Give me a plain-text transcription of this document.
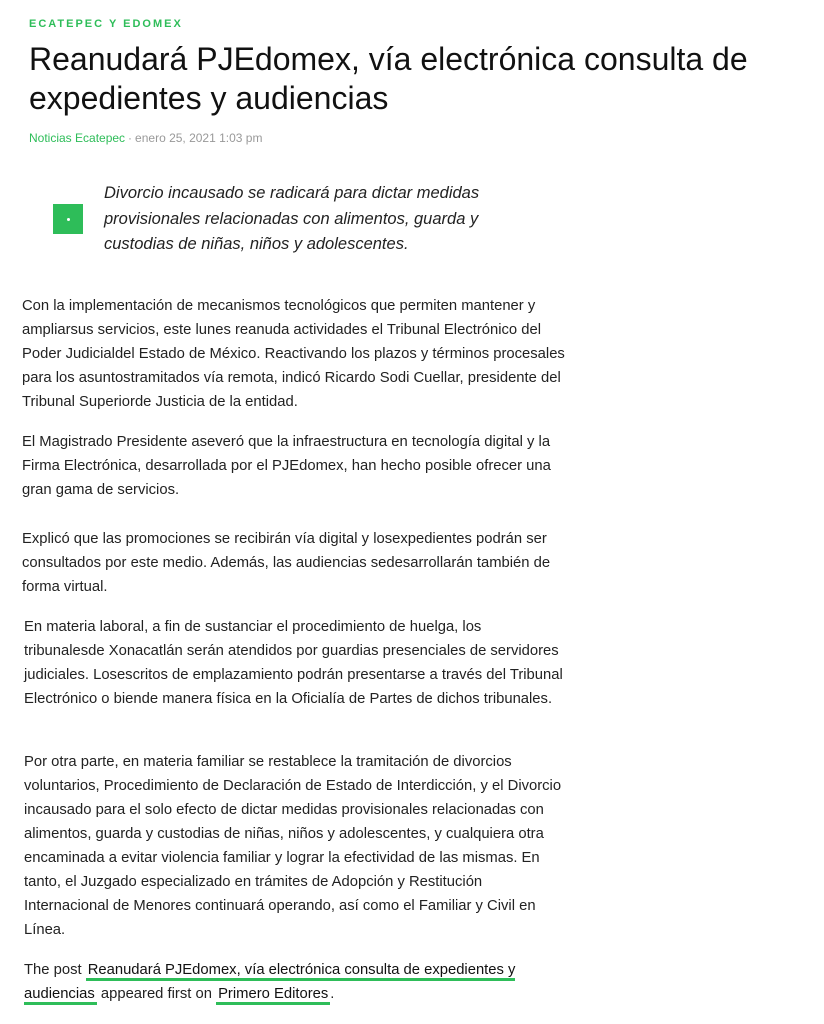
ECATEPEC Y EDOMEX
Reanudará PJEdomex, vía electrónica consulta de expedientes y audiencias
Noticias Ecatepec · enero 25, 2021 1:03 pm

Divorcio incausado se radicará para dictar medidas provisionales relacionadas con alimentos, guarda y custodias de niñas, niños y adolescentes.

Con la implementación de mecanismos tecnológicos que permiten mantener y ampliarsus servicios, este lunes reanuda actividades el Tribunal Electrónico del Poder Judicialdel Estado de México. Reactivando los plazos y términos procesales para los asuntostramitados vía remota, indicó Ricardo Sodi Cuellar, presidente del Tribunal Superiorde Justicia de la entidad.

El Magistrado Presidente aseveró que la infraestructura en tecnología digital y la Firma Electrónica, desarrollada por el PJEdomex, han hecho posible ofrecer una gran gama de servicios.

Explicó que las promociones se recibirán vía digital y losexpedientes podrán ser consultados por este medio. Además, las audiencias sedesarrollarán también de forma virtual.

En materia laboral, a fin de sustanciar el procedimiento de huelga, los tribunalesde Xonacatlán serán atendidos por guardias presenciales de servidores judiciales. Losescritos de emplazamiento podrán presentarse a través del Tribunal Electrónico o biende manera física en la Oficialía de Partes de dichos tribunales.

Por otra parte, en materia familiar se restablece la tramitación de divorcios voluntarios, Procedimiento de Declaración de Estado de Interdicción, y el Divorcio incausado para el solo efecto de dictar medidas provisionales relacionadas con alimentos, guarda y custodias de niñas, niños y adolescentes, y cualquiera otra encaminada a evitar violencia familiar y lograr la efectividad de las mismas. En tanto, el Juzgado especializado en trámites de Adopción y Restitución Internacional de Menores continuará operando, así como el Familiar y Civil en Línea.

The post Reanudará PJEdomex, vía electrónica consulta de expedientes y audiencias appeared first on Primero Editores .
